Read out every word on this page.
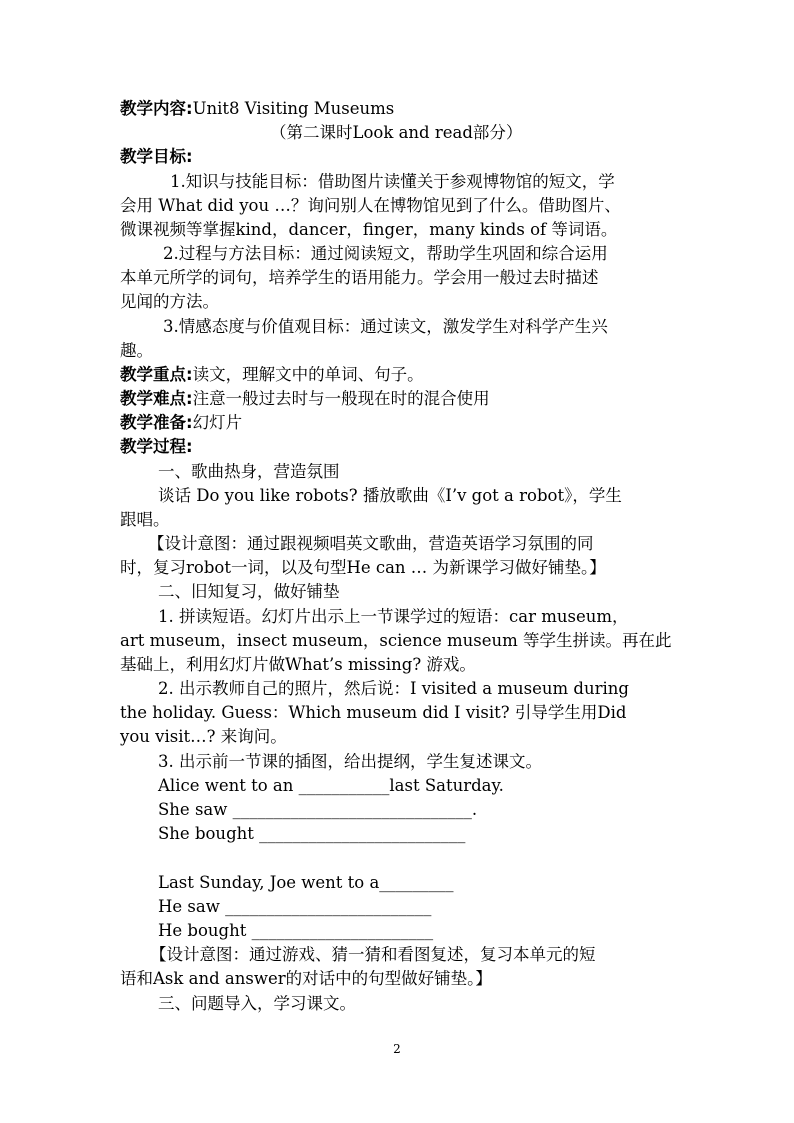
教学内容:Unit8 Visiting Museums
（第二课时Look and read部分）
教学目标:
1.知识与技能目标：借助图片读懂关于参观博物馆的短文，学
会用 What did you …？询问别人在博物馆见到了什么。借助图片、
微课视频等掌握kind，dancer，finger，many kinds of 等词语。
2.过程与方法目标：通过阅读短文，帮助学生巩固和综合运用
本单元所学的词句，培养学生的语用能力。学会用一般过去时描述
见闻的方法。
3.情感态度与价值观目标：通过读文，激发学生对科学产生兴
趣。
教学重点:读文，理解文中的单词、句子。
教学难点:注意一般过去时与一般现在时的混合使用
教学准备:幻灯片
教学过程:
一、歌曲热身，营造氛围
谈话 Do you like robots? 播放歌曲《I’v got a robot》，学生
跟唱。
【设计意图：通过跟视频唱英文歌曲，营造英语学习氛围的同
时，复习robot一词，以及句型He can … 为新课学习做好铺垫。】
二、旧知复习，做好铺垫
1. 拼读短语。幻灯片出示上一节课学过的短语：car museum，
art museum，insect museum，science museum 等学生拼读。再在此
基础上，利用幻灯片做What’s missing? 游戏。
2. 出示教师自己的照片，然后说：I visited a museum during
the holiday. Guess：Which museum did I visit? 引导学生用Did
you visit…? 来询问。
3. 出示前一节课的插图，给出提纲，学生复述课文。
Alice went to an ___________last Saturday.
She saw _____________________________.
She bought _________________________
Last Sunday, Joe went to a_________
He saw _________________________
He bought ______________________
【设计意图：通过游戏、猜一猜和看图复述，复习本单元的短
语和Ask and answer的对话中的句型做好铺垫。】
三、问题导入，学习课文。
2
